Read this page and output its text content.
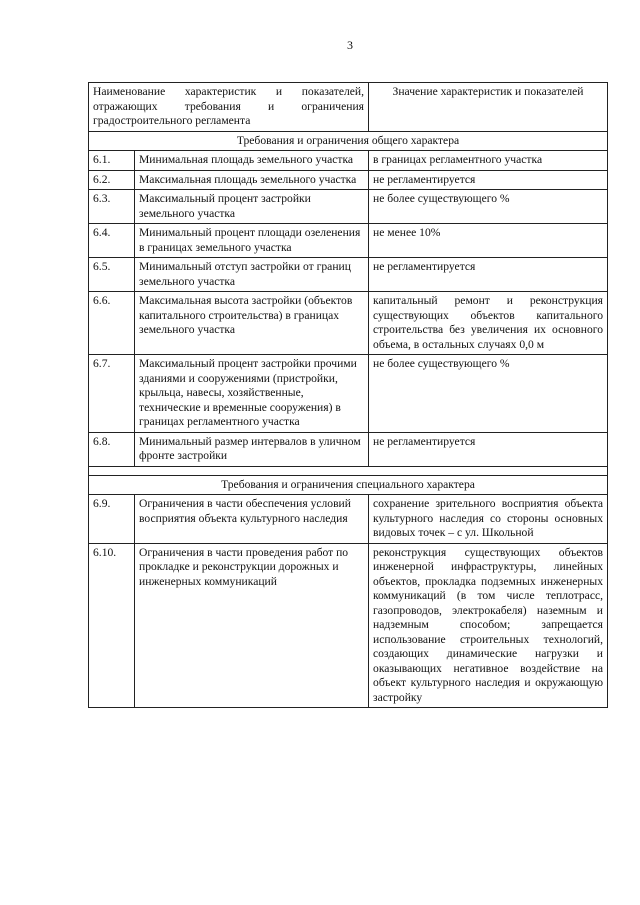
3
Наименование характеристик и показателей, отражающих требования и ограничения градостроительного регламента		Значение характеристик и показателей
Требования и ограничения общего характера		
6.1.	Минимальная площадь земельного участка	в границах регламентного участка
6.2.	Максимальная площадь земельного участка	не регламентируется
6.3.	Максимальный процент застройки земельного участка	не более существующего %
6.4.	Минимальный процент площади озеленения в границах земельного участка	не менее 10%
6.5.	Минимальный отступ застройки от границ земельного участка	не регламентируется
6.6.	Максимальная высота застройки (объектов капитального строительства) в границах земельного участка	капитальный ремонт и реконструкция существующих объектов капитального строительства без увеличения их основного объема, в остальных случаях 0,0 м
6.7.	Максимальный процент застройки прочими зданиями и сооружениями (пристройки, крыльца, навесы, хозяйственные, технические и временные сооружения) в границах регламентного участка	не более существующего %
6.8.	Минимальный размер интервалов в уличном фронте застройки	не регламентируется

Требования и ограничения специального характера		
6.9.	Ограничения в части обеспечения условий восприятия объекта культурного наследия	сохранение зрительного восприятия объекта культурного наследия со стороны основных видовых точек – с ул. Школьной
6.10.	Ограничения в части проведения работ по прокладке и реконструкции дорожных и инженерных коммуникаций	реконструкция существующих объектов инженерной инфраструктуры, линейных объектов, прокладка подземных инженерных коммуникаций (в том числе теплотрасс, газопроводов, электрокабеля) наземным и надземным способом; запрещается использование строительных технологий, создающих динамические нагрузки и оказывающих негативное воздействие на объект культурного наследия и окружающую застройку
